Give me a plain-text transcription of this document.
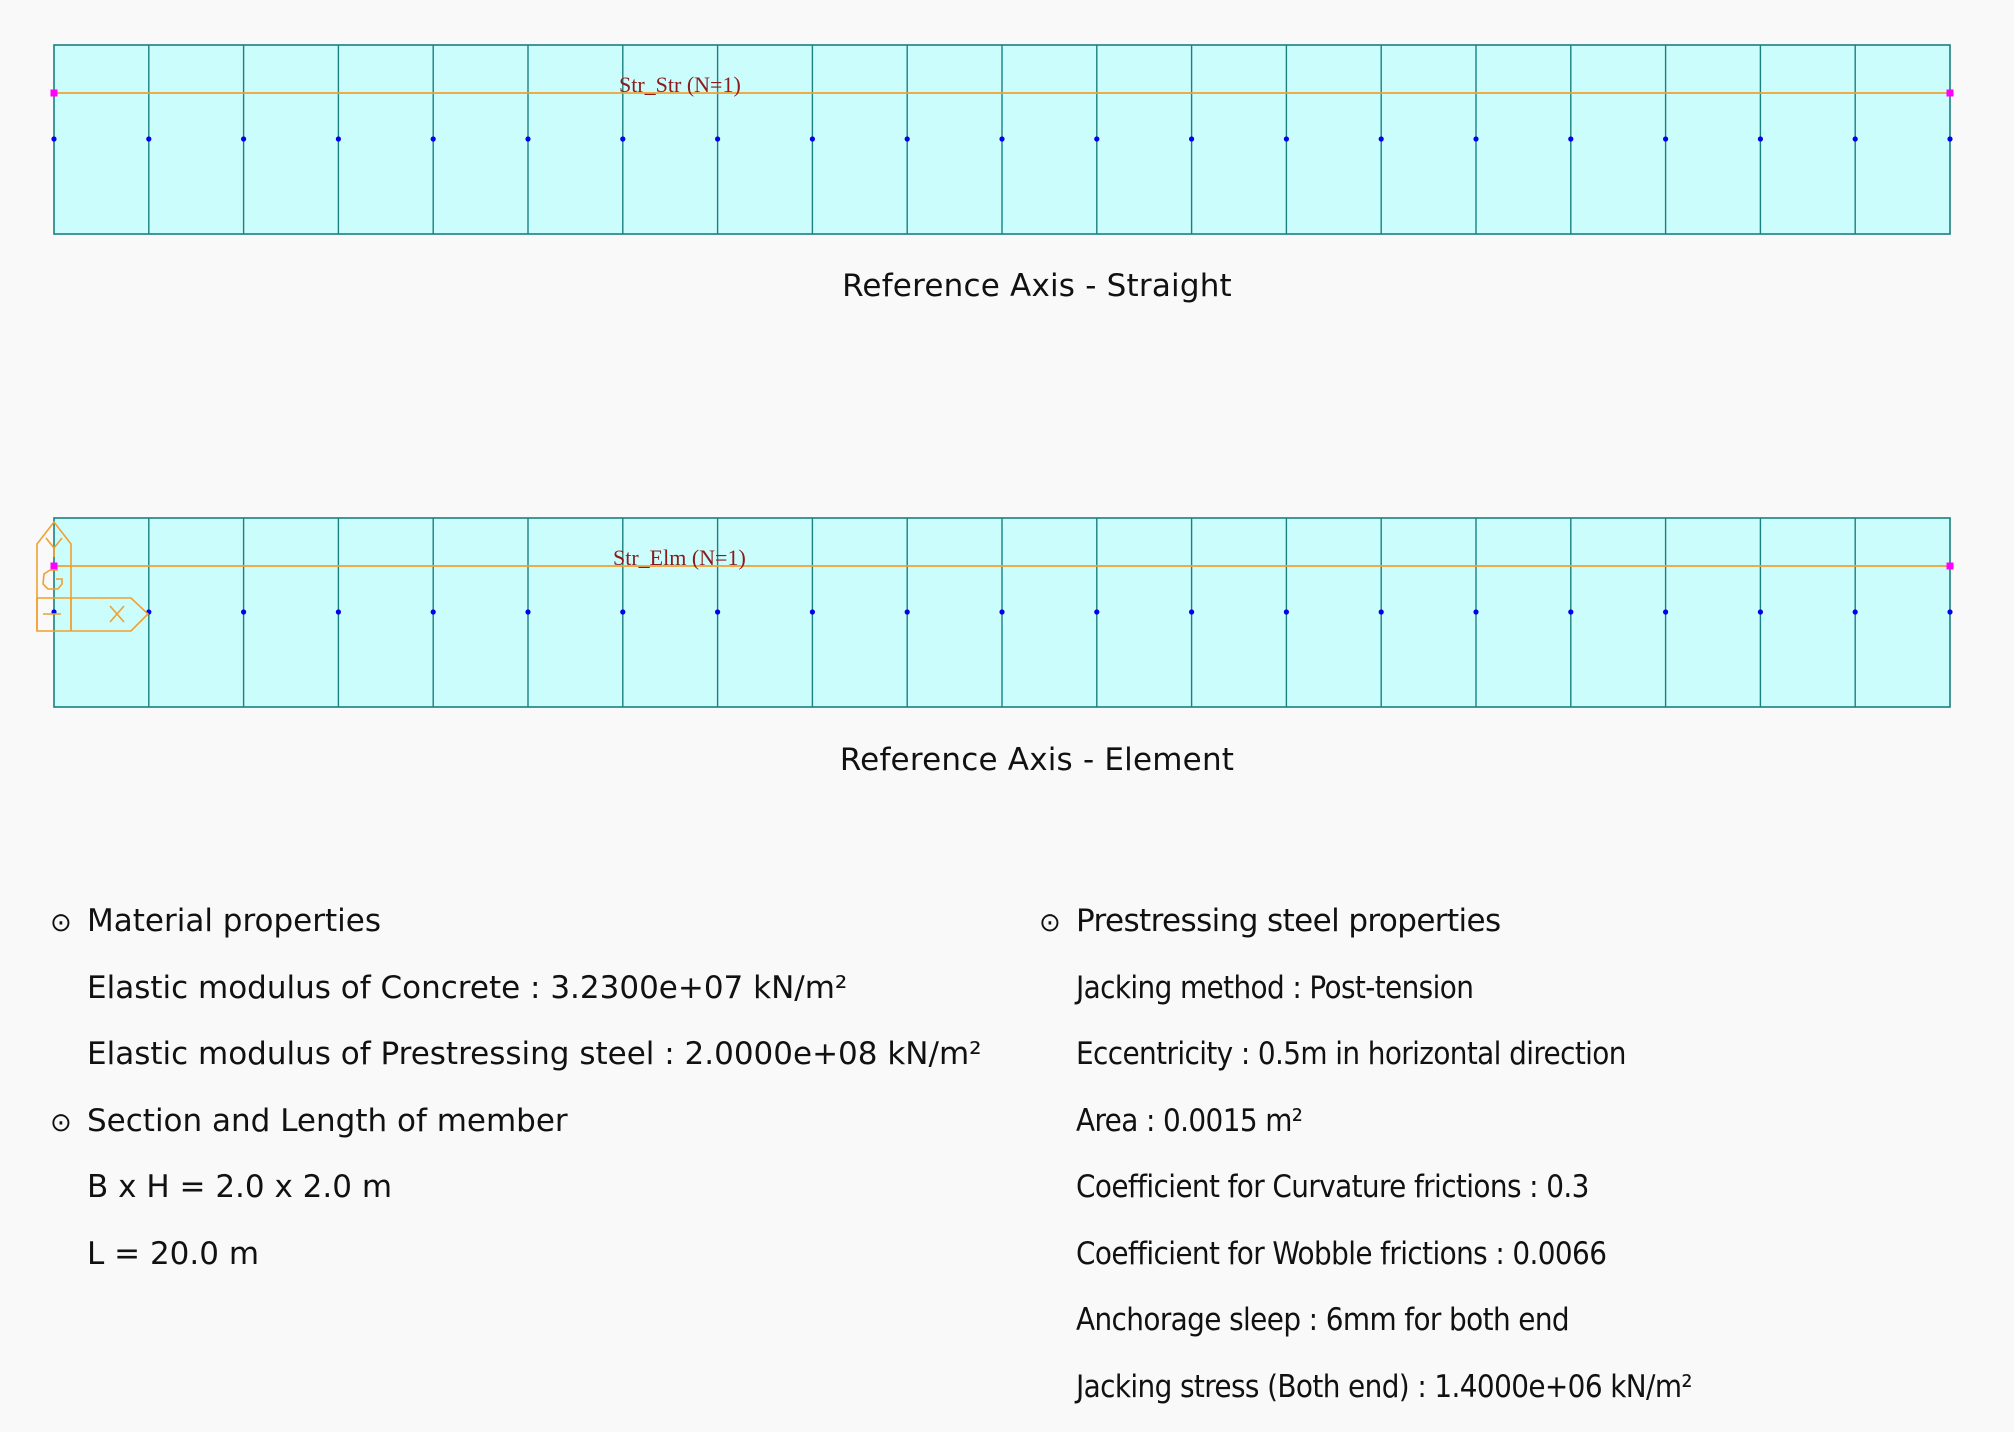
Str_Str (N=1)
Reference Axis - Straight
Str_Elm (N=1)
Reference Axis - Element
⊙ Material properties
Elastic modulus of Concrete : 3.2300e+07 kN/m²
Elastic modulus of Prestressing steel : 2.0000e+08 kN/m²
⊙ Section and Length of member
B x H = 2.0 x 2.0 m
L = 20.0 m
⊙ Prestressing steel properties
Jacking method : Post-tension
Eccentricity : 0.5m in horizontal direction
Area : 0.0015 m²
Coefficient for Curvature frictions : 0.3
Coefficient for Wobble frictions : 0.0066
Anchorage sleep : 6mm for both end
Jacking stress (Both end) : 1.4000e+06 kN/m²
